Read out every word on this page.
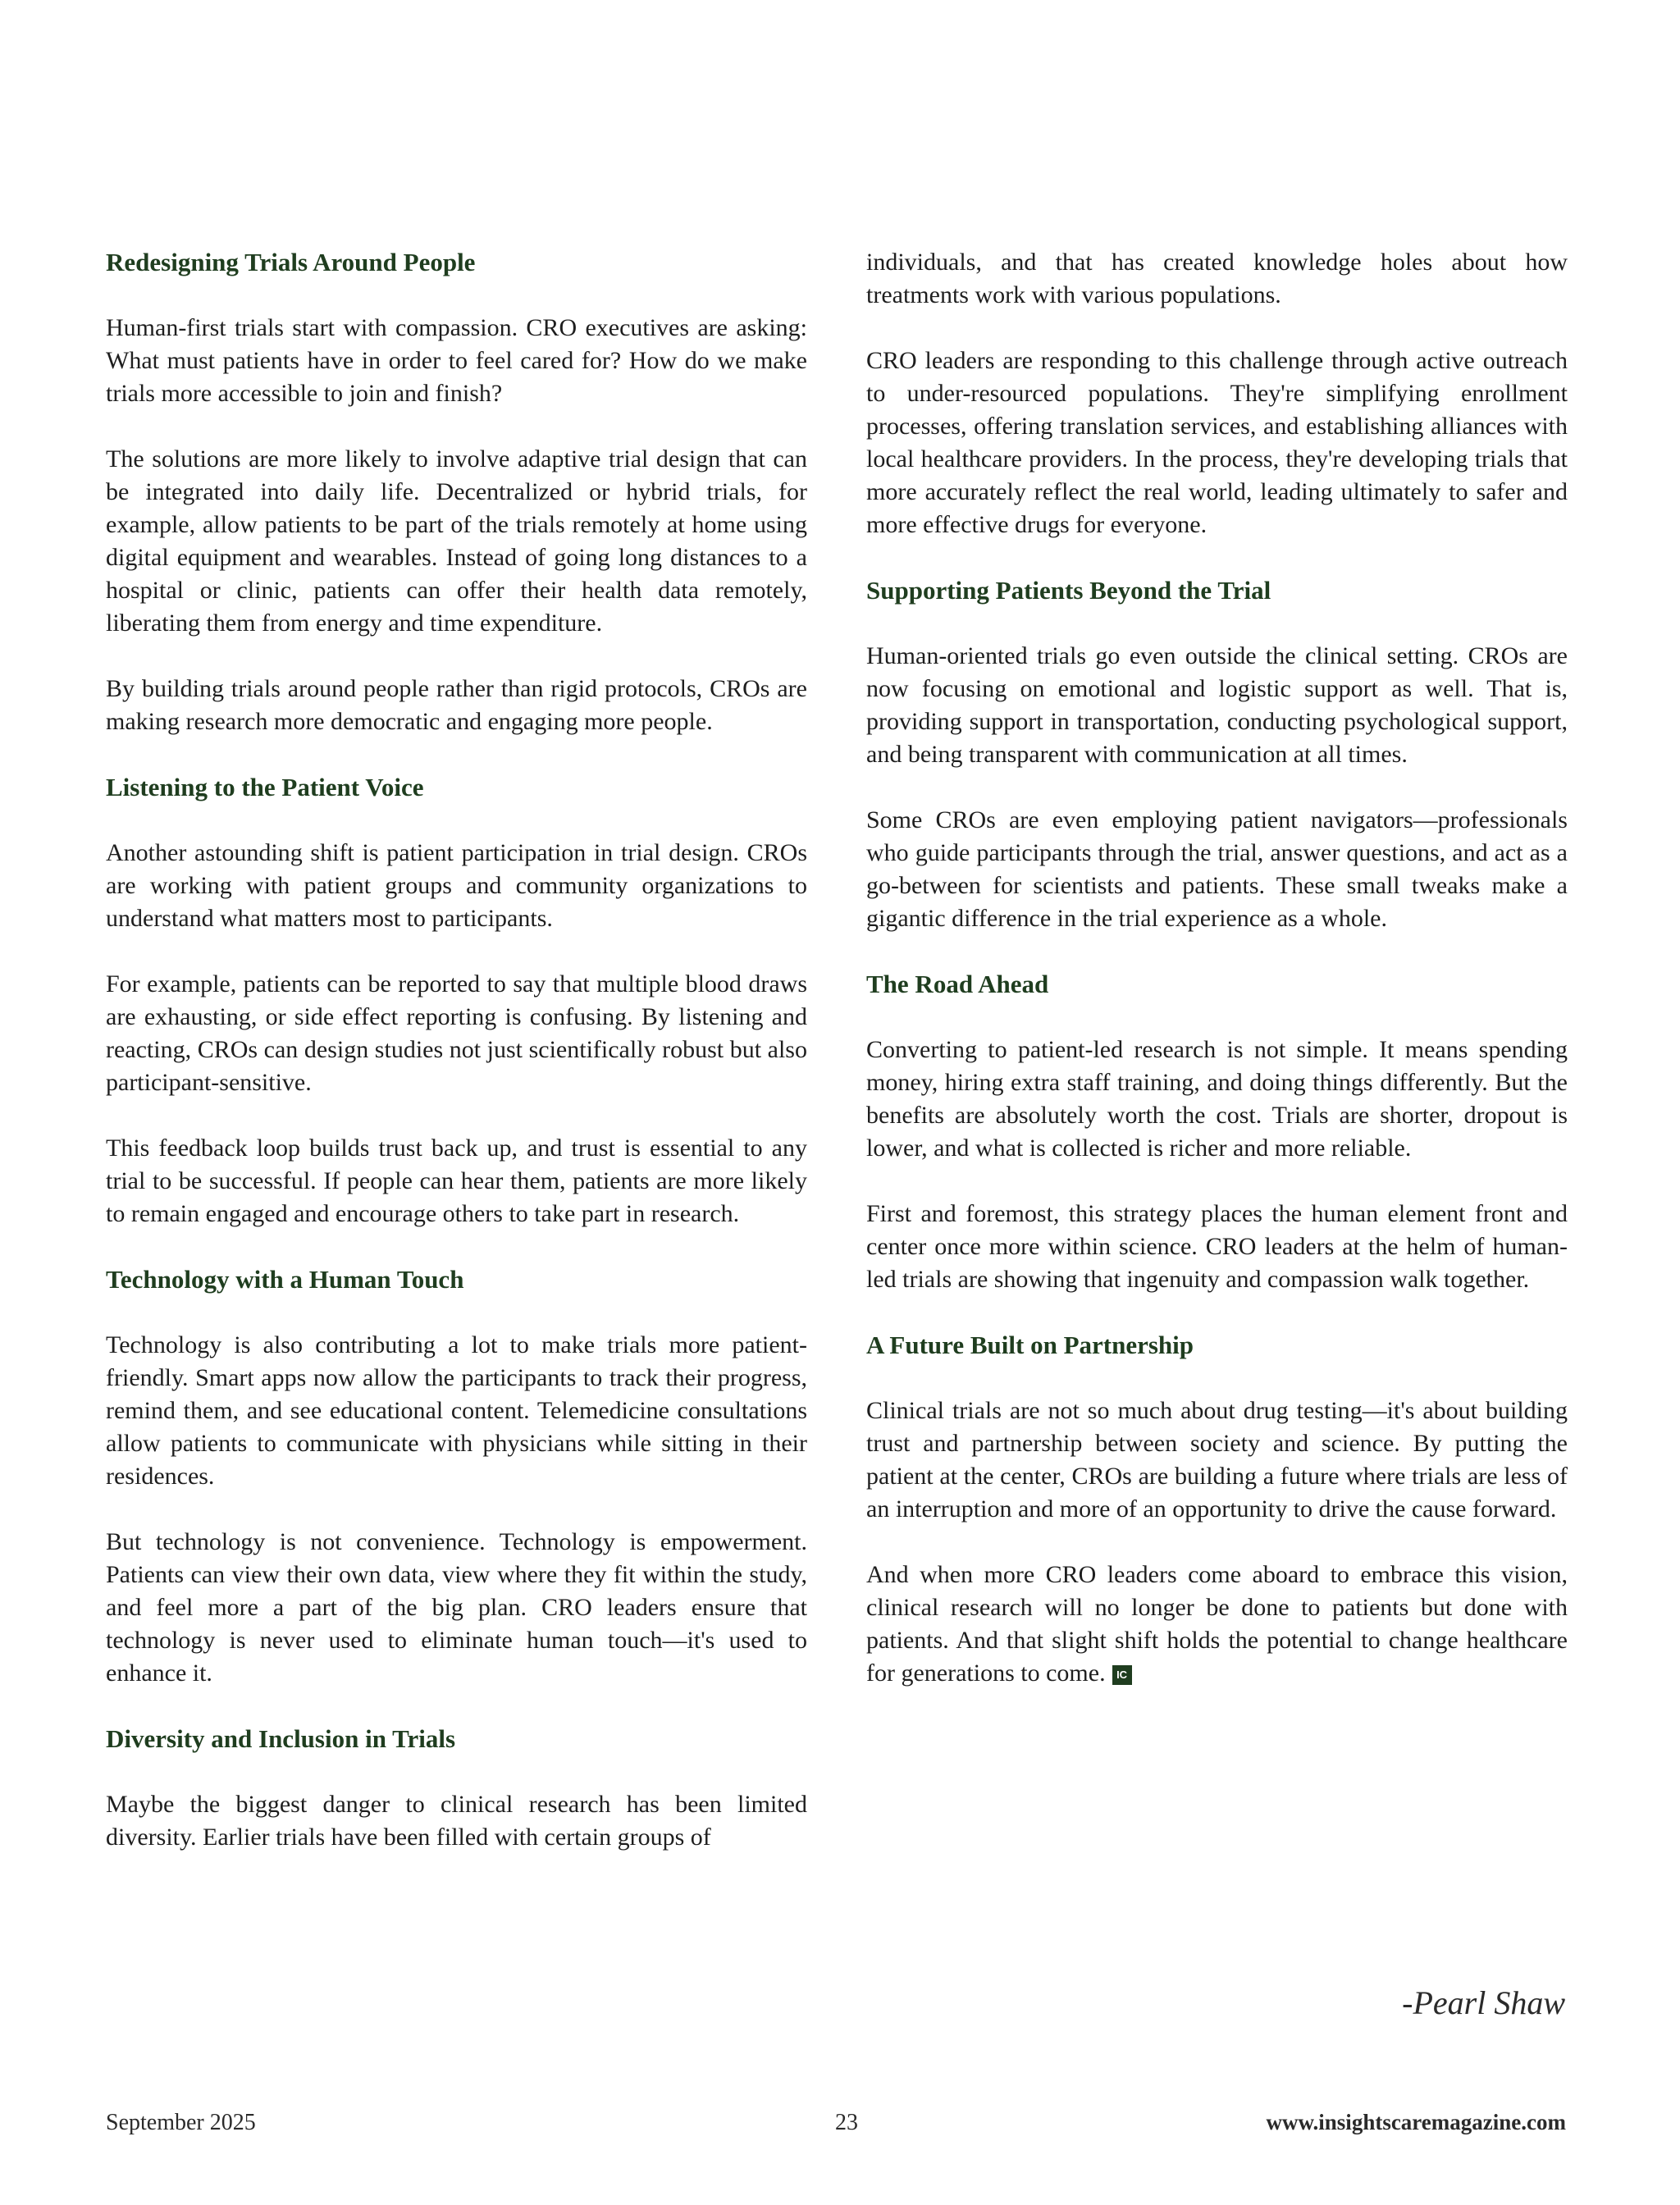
Redesigning Trials Around People

Human-first trials start with compassion. CRO executives are asking: What must patients have in order to feel cared for? How do we make trials more accessible to join and finish?

The solutions are more likely to involve adaptive trial design that can be integrated into daily life. Decentralized or hybrid trials, for example, allow patients to be part of the trials remotely at home using digital equipment and wearables. Instead of going long distances to a hospital or clinic, patients can offer their health data remotely, liberating them from energy and time expenditure.

By building trials around people rather than rigid protocols, CROs are making research more democratic and engaging more people.

Listening to the Patient Voice

Another astounding shift is patient participation in trial design. CROs are working with patient groups and community organizations to understand what matters most to participants.

For example, patients can be reported to say that multiple blood draws are exhausting, or side effect reporting is confusing. By listening and reacting, CROs can design studies not just scientifically robust but also participant-sensitive.

This feedback loop builds trust back up, and trust is essential to any trial to be successful. If people can hear them, patients are more likely to remain engaged and encourage others to take part in research.

Technology with a Human Touch

Technology is also contributing a lot to make trials more patient-friendly. Smart apps now allow the participants to track their progress, remind them, and see educational content. Telemedicine consultations allow patients to communicate with physicians while sitting in their residences.

But technology is not convenience. Technology is empowerment. Patients can view their own data, view where they fit within the study, and feel more a part of the big plan. CRO leaders ensure that technology is never used to eliminate human touch—it's used to enhance it.

Diversity and Inclusion in Trials

Maybe the biggest danger to clinical research has been limited diversity. Earlier trials have been filled with certain groups of

individuals, and that has created knowledge holes about how treatments work with various populations.

CRO leaders are responding to this challenge through active outreach to under-resourced populations. They're simplifying enrollment processes, offering translation services, and establishing alliances with local healthcare providers. In the process, they're developing trials that more accurately reflect the real world, leading ultimately to safer and more effective drugs for everyone.

Supporting Patients Beyond the Trial

Human-oriented trials go even outside the clinical setting. CROs are now focusing on emotional and logistic support as well. That is, providing support in transportation, conducting psychological support, and being transparent with communication at all times.

Some CROs are even employing patient navigators—professionals who guide participants through the trial, answer questions, and act as a go-between for scientists and patients. These small tweaks make a gigantic difference in the trial experience as a whole.

The Road Ahead

Converting to patient-led research is not simple. It means spending money, hiring extra staff training, and doing things differently. But the benefits are absolutely worth the cost. Trials are shorter, dropout is lower, and what is collected is richer and more reliable.

First and foremost, this strategy places the human element front and center once more within science. CRO leaders at the helm of human-led trials are showing that ingenuity and compassion walk together.

A Future Built on Partnership

Clinical trials are not so much about drug testing—it's about building trust and partnership between society and science. By putting the patient at the center, CROs are building a future where trials are less of an interruption and more of an opportunity to drive the cause forward.

And when more CRO leaders come aboard to embrace this vision, clinical research will no longer be done to patients but done with patients. And that slight shift holds the potential to change healthcare for generations to come. IC

-Pearl Shaw
September 2025	23	www.insightscaremagazine.com
